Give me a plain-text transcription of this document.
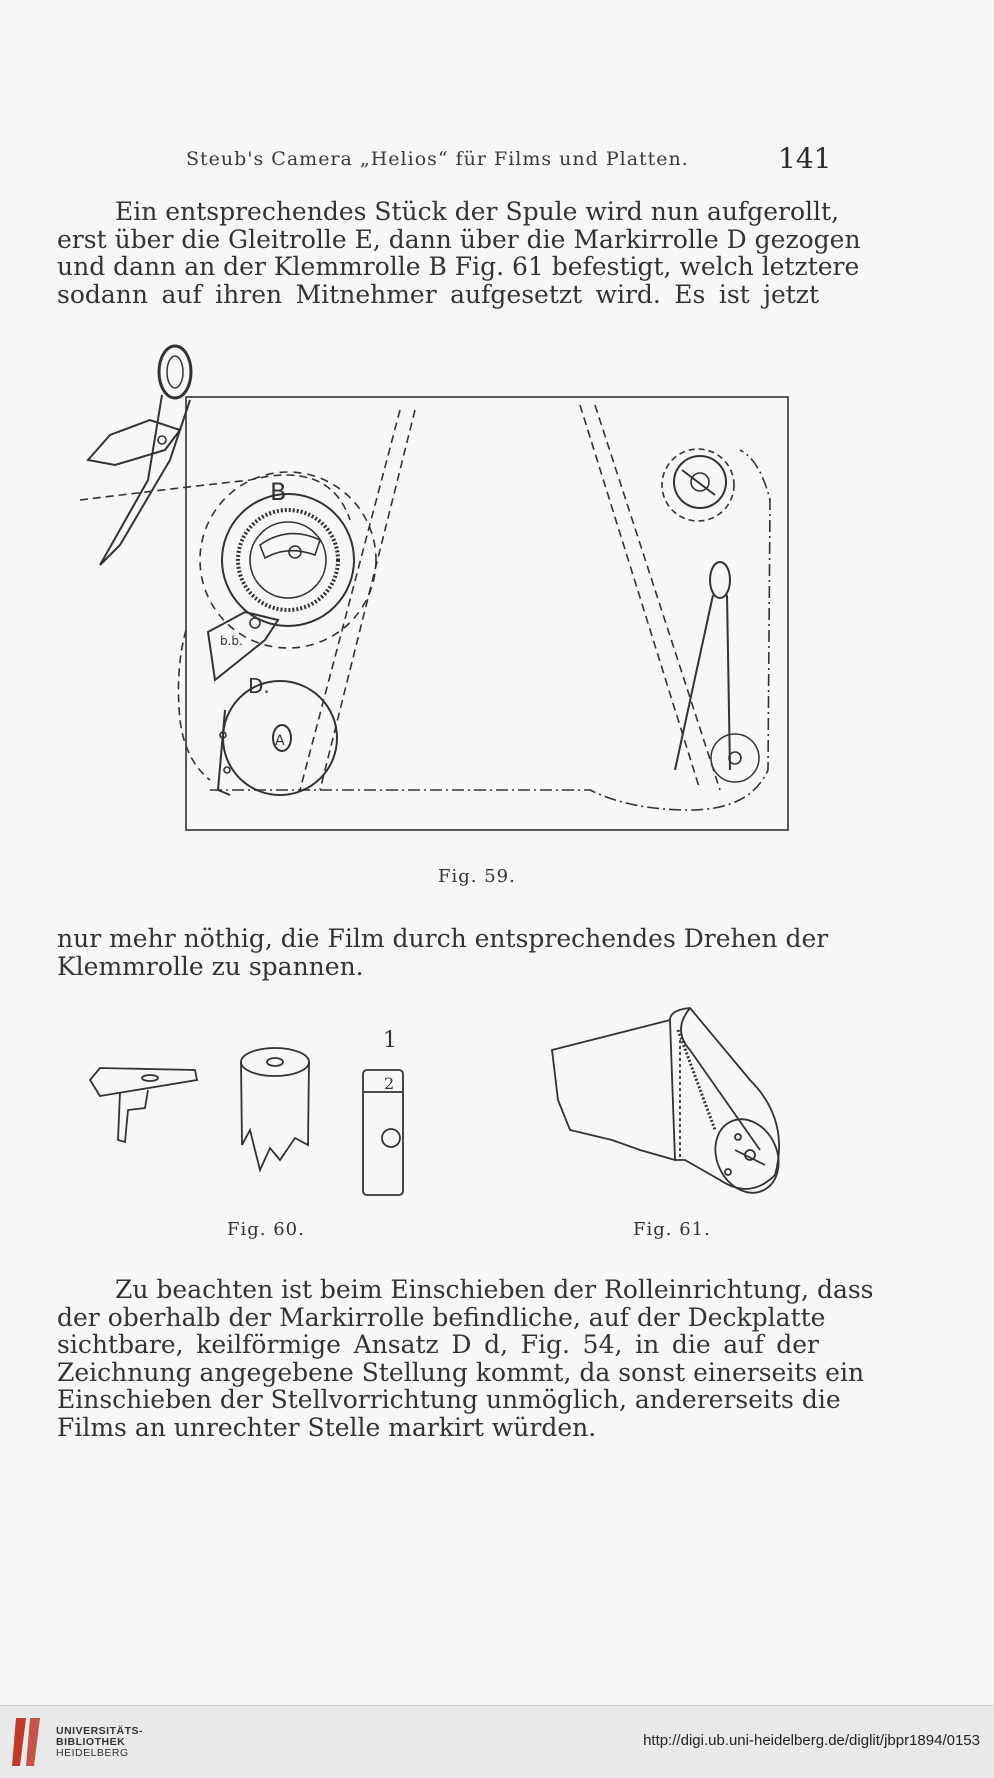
Steub's Camera „Helios“ für Films und Platten.	141
Ein entsprechendes Stück der Spule wird nun aufgerollt,
erst über die Gleitrolle E, dann über die Markirrolle D gezogen
und dann an der Klemmrolle B Fig. 61 befestigt, welch letztere
sodann auf ihren Mitnehmer aufgesetzt wird. Es ist jetzt
B
b.b.
D.
A
Fig. 59.
nur mehr nöthig, die Film durch entsprechendes Drehen der
Klemmrolle zu spannen.
1
2
Fig. 60.	Fig. 61.
Zu beachten ist beim Einschieben der Rolleinrichtung, dass
der oberhalb der Markirrolle befindliche, auf der Deckplatte
sichtbare, keilförmige Ansatz D d, Fig. 54, in die auf der
Zeichnung angegebene Stellung kommt, da sonst einerseits ein
Einschieben der Stellvorrichtung unmöglich, andererseits die
Films an unrechter Stelle markirt würden.
UNIVERSITÄTS-
BIBLIOTHEK
HEIDELBERG
http://digi.ub.uni-heidelberg.de/diglit/jbpr1894/0153
